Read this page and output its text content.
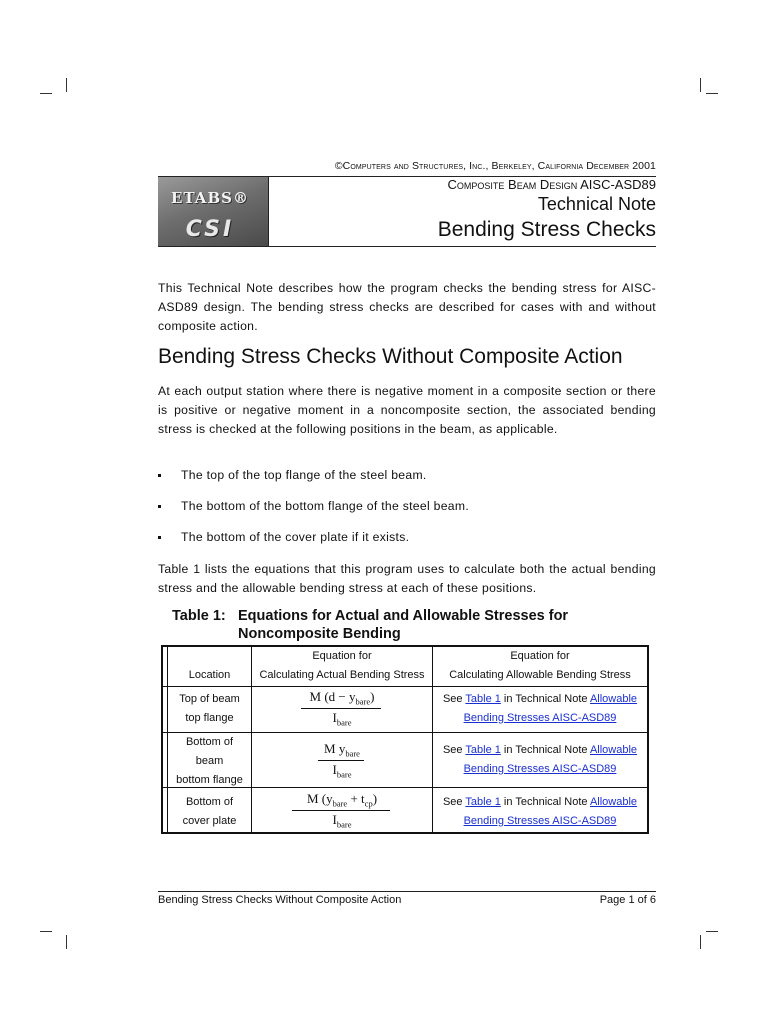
©Computers and Structures, Inc., Berkeley, California December 2001
ETABS®
CSI
Composite Beam Design AISC-ASD89
Technical Note
Bending Stress Checks
This Technical Note describes how the program checks the bending stress for AISC-ASD89 design. The bending stress checks are described for cases with and without composite action.
Bending Stress Checks Without Composite Action
At each output station where there is negative moment in a composite section or there is positive or negative moment in a noncomposite section, the associated bending stress is checked at the following positions in the beam, as applicable.
The top of the top flange of the steel beam.
The bottom of the bottom flange of the steel beam.
The bottom of the cover plate if it exists.
Table 1 lists the equations that this program uses to calculate both the actual bending stress and the allowable bending stress at each of these positions.
Table 1: Equations for Actual and Allowable Stresses for
Noncomposite Bending
Location
Equation for
Calculating Actual Bending Stress
Equation for
Calculating Allowable Bending Stress
Top of beam
top flange
M $(d - y_{bare})$
$I_{bare}$
See Table 1 in Technical Note Allowable
Bending Stresses AISC-ASD89
Bottom of
beam
bottom flange
M $y_{bare}$
$I_{bare}$
See Table 1 in Technical Note Allowable
Bending Stresses AISC-ASD89
Bottom of
cover plate
M $(y_{bare} + t_{cp})$
$I_{bare}$
See Table 1 in Technical Note Allowable
Bending Stresses AISC-ASD89
Bending Stress Checks Without Composite Action	Page 1 of 6
